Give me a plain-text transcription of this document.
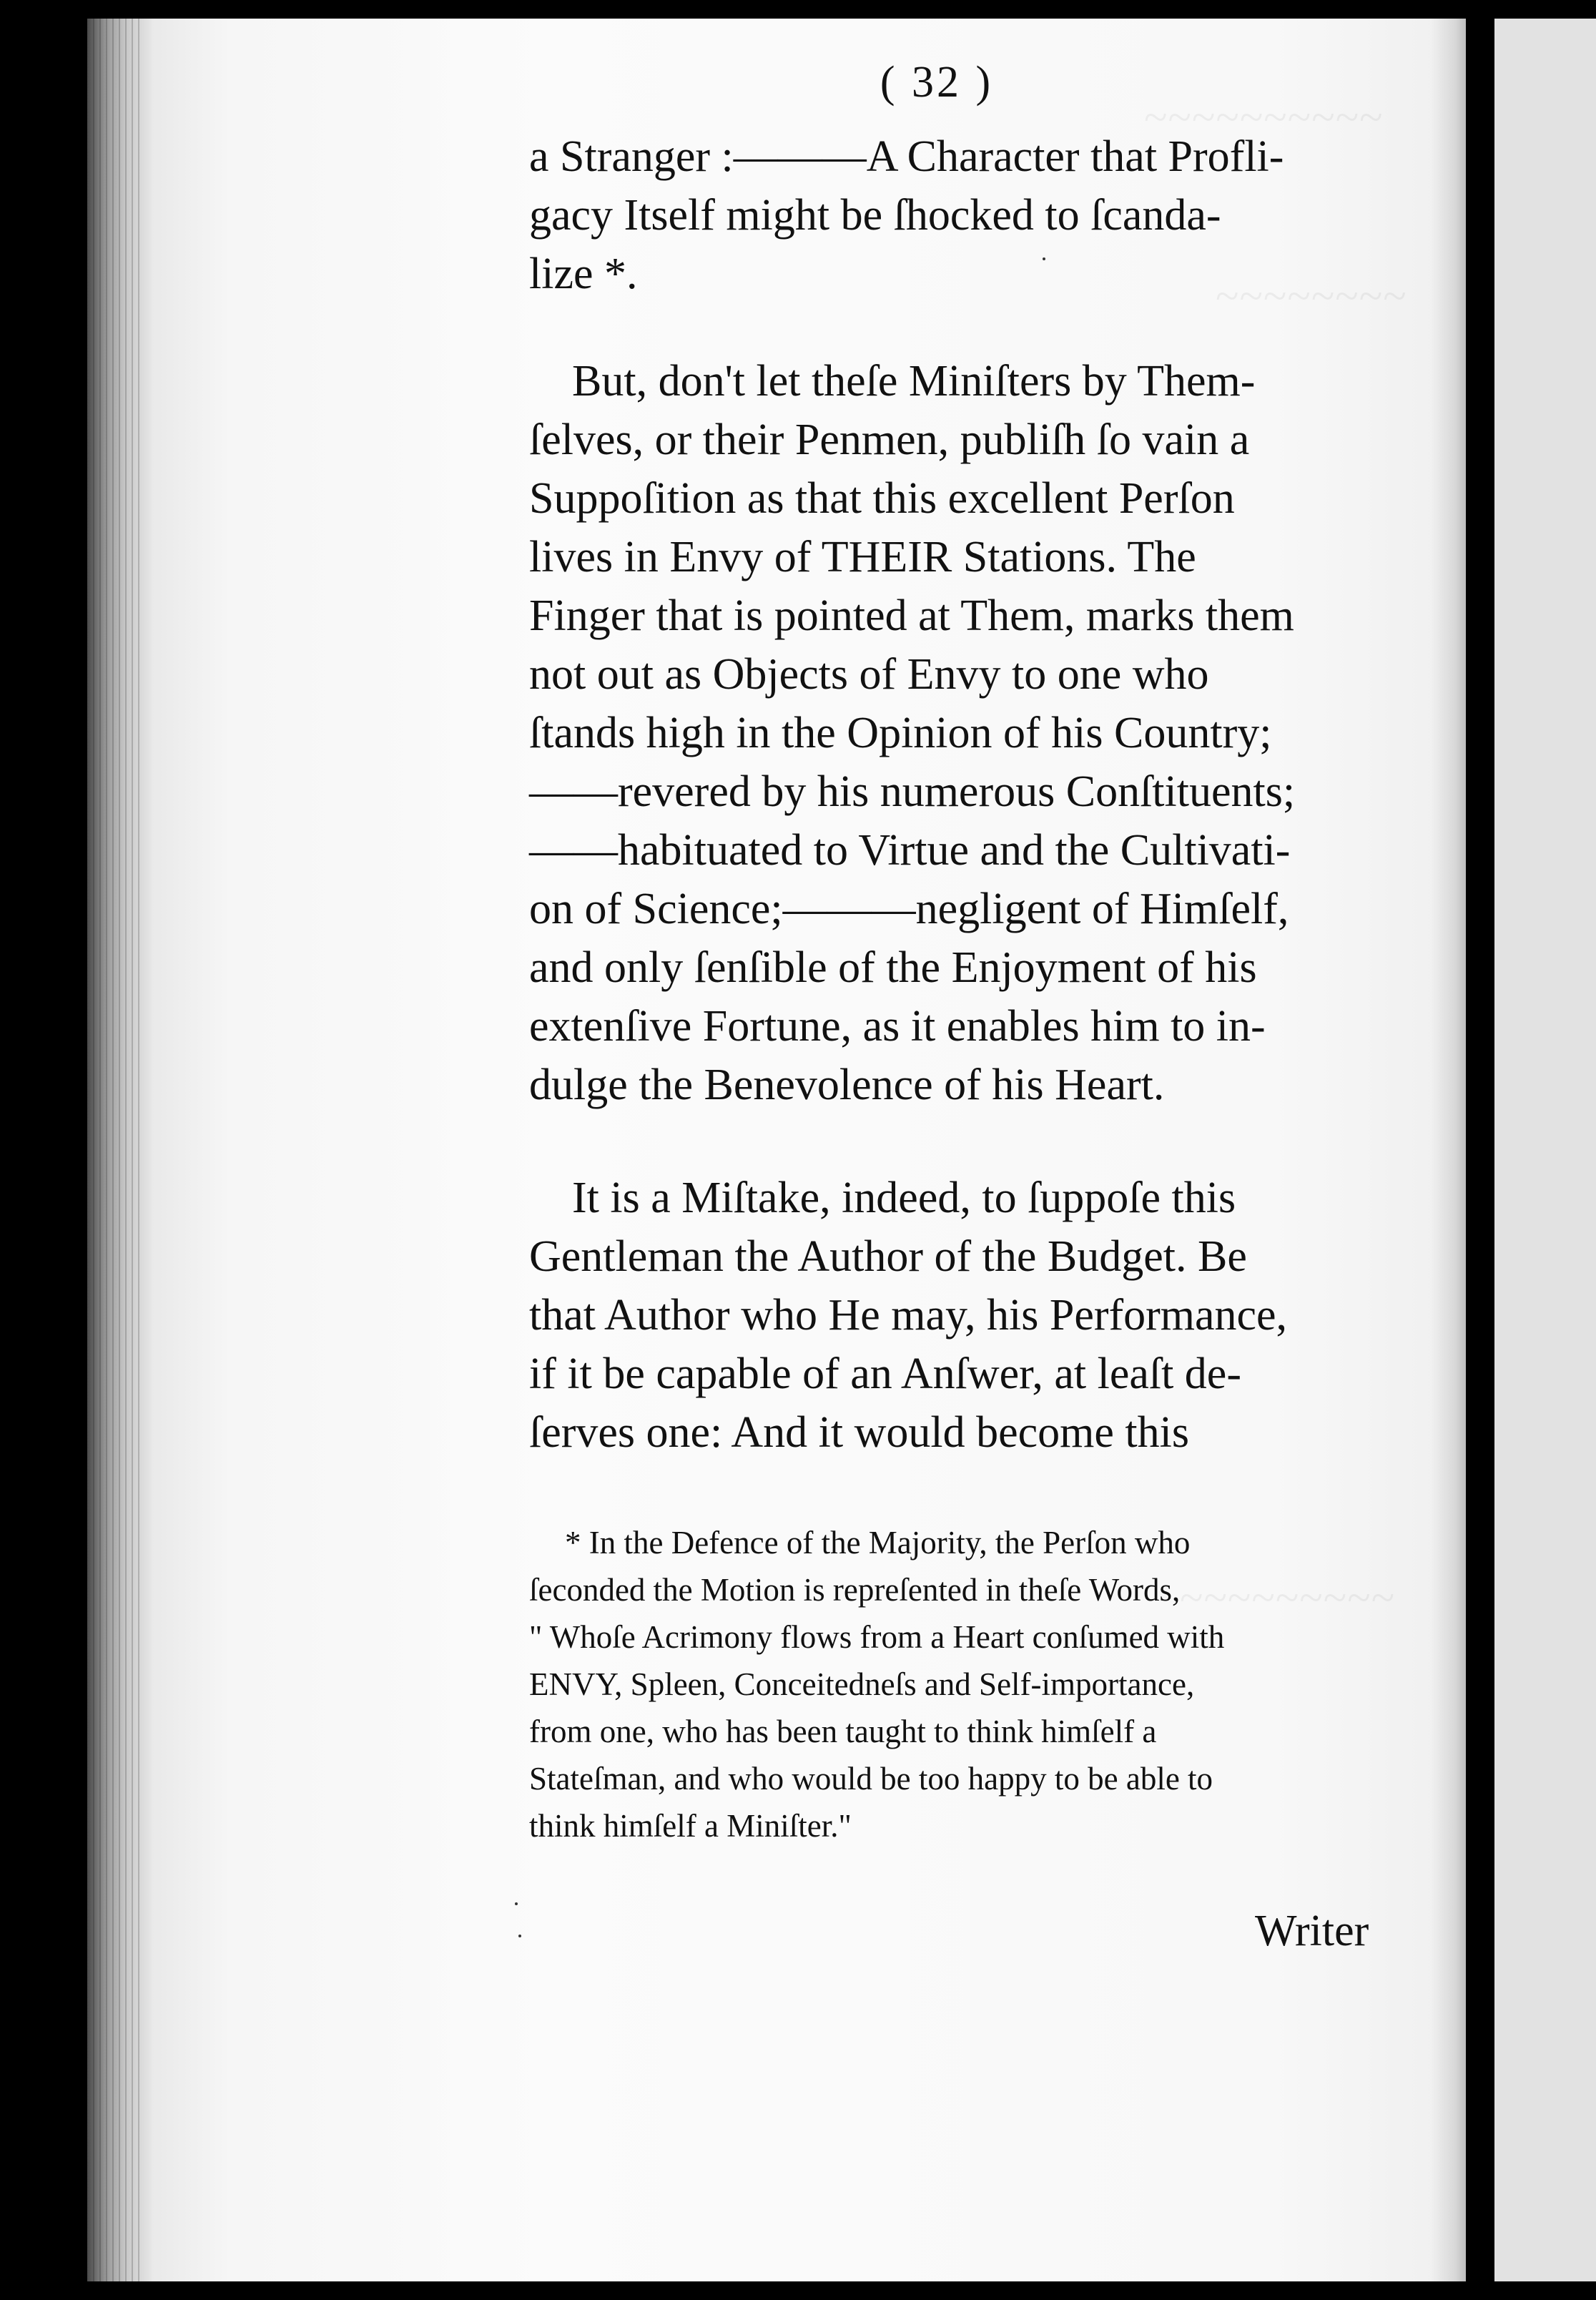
~~~~~~~~~~
~~~~~~~~
~~~~~~~~~
( 32 )
a Stranger :———A Character that Profli-
gacy Itself might be ſhocked to ſcanda-
lize *.
But, don't let theſe Miniſters by Them-
ſelves, or their Penmen, publiſh ſo vain a
Suppoſition as that this excellent Perſon
lives in Envy of THEIR Stations. The
Finger that is pointed at Them, marks them
not out as Objects of Envy to one who
ſtands high in the Opinion of his Country;
——revered by his numerous Conſtituents;
——habituated to Virtue and the Cultivati-
on of Science;———negligent of Himſelf,
and only ſenſible of the Enjoyment of his
extenſive Fortune, as it enables him to in-
dulge the Benevolence of his Heart.
It is a Miſtake, indeed, to ſuppoſe this
Gentleman the Author of the Budget. Be
that Author who He may, his Performance,
if it be capable of an Anſwer, at leaſt de-
ſerves one: And it would become this
* In the Defence of the Majority, the Perſon who
ſeconded the Motion is repreſented in theſe Words,
" Whoſe Acrimony flows from a Heart conſumed with
ENVY, Spleen, Conceitedneſs and Self-importance,
from one, who has been taught to think himſelf a
Stateſman, and who would be too happy to be able to
think himſelf a Miniſter."
Writer
